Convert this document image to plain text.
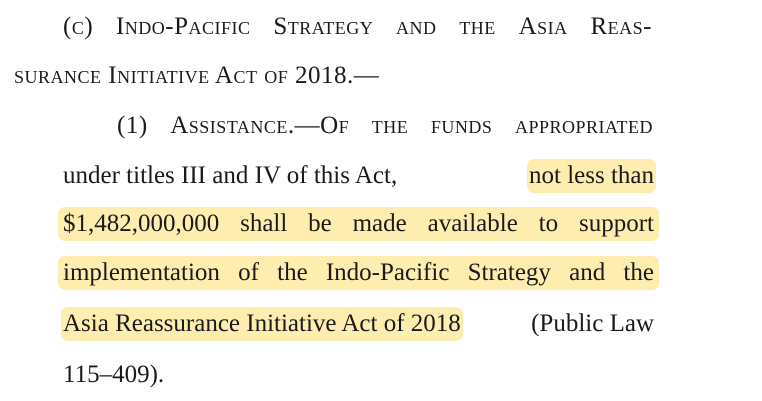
(c) Indo-Pacific Strategy and the Asia Reas-
surance Initiative Act of 2018.—
(1) Assistance.—Of the funds appropriated
under titles III and IV of this Act,	not less than
$1,482,000,000 shall be made available to support
implementation of the Indo-Pacific Strategy and the
Asia Reassurance Initiative Act of 2018	(Public Law
115–409).
